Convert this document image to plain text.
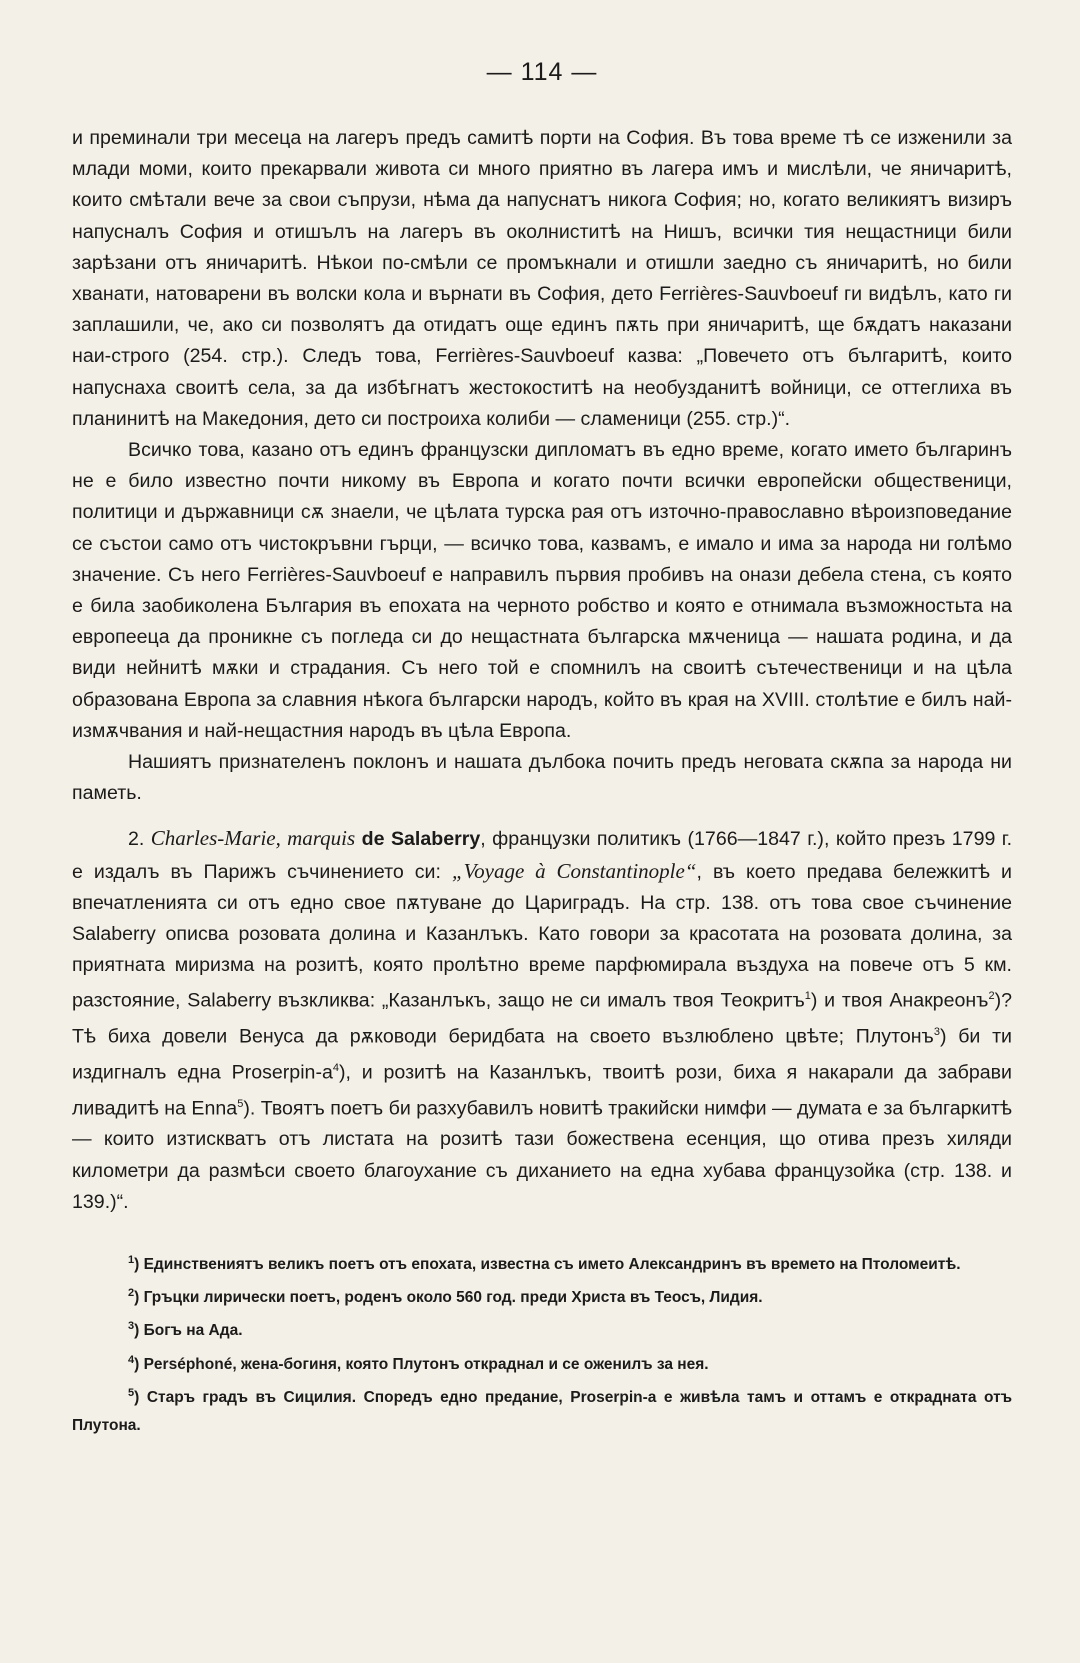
— 114 —

и преминали три месеца на лагеръ предъ самитѣ порти на София. Въ това време тѣ се изженили за млади моми, които прекарвали живота си много приятно въ лагера имъ и мислѣли, че яничаритѣ, които смѣтали вече за свои съпрузи, нѣма да напуснатъ никога София; но, когато великиятъ визиръ напусналъ София и отишълъ на лагеръ въ околниститѣ на Нишъ, всички тия нещастници били зарѣзани отъ яничаритѣ. Нѣкои по-смѣли се промъкнали и отишли заедно съ яничаритѣ, но били хванати, натоварени въ волски кола и върнати въ София, дето Ferrières-Sauvboeuf ги видѣлъ, като ги заплашили, че, ако си позволятъ да отидатъ още единъ пѫть при яничаритѣ, ще бѫдатъ наказани наи-строго (254. стр.). Следъ това, Ferrières-Sauvboeuf казва: „Повечето отъ българитѣ, които напуснаха своитѣ села, за да избѣгнатъ жестокоститѣ на необузданитѣ войници, се оттеглиха въ планинитѣ на Македония, дето си построиха колиби — сламеници (255. стр.)“.

Всичко това, казано отъ единъ французски дипломатъ въ едно време, когато името българинъ не е било известно почти никому въ Европа и когато почти всички европейски общественици, политици и държавници сѫ знаели, че цѣлата турска рая отъ източно-православно вѣроизповедание се състои само отъ чистокръвни гърци, — всичко това, казвамъ, е имало и има за народа ни голѣмо значение. Съ него Ferrières-Sauvboeuf е направилъ първия пробивъ на онази дебела стена, съ която е била заобиколена България въ епохата на черното робство и която е отнимала възможностьта на европееца да проникне съ погледа си до нещастната българска мѫченица — нашата родина, и да види нейнитѣ мѫки и страдания. Съ него той е спомнилъ на своитѣ сътечественици и на цѣла образована Европа за славния нѣкога български народъ, който въ края на XVIII. столѣтие е билъ най-измѫчвания и най-нещастния народъ въ цѣла Европа.

Нашиятъ признателенъ поклонъ и нашата дълбока почить предъ неговата скѫпа за народа ни паметь.

2. Charles-Marie, marquis de Salaberry, французки политикъ (1766—1847 г.), който презъ 1799 г. е издалъ въ Парижъ съчинението си: „Voyage à Constantinople“, въ което предава бележкитѣ и впечатленията си отъ едно свое пѫтуване до Цариградъ. На стр. 138. отъ това свое съчинение Salaberry описва розовата долина и Казанлъкъ. Като говори за красотата на розовата долина, за приятната миризма на розитѣ, която пролѣтно време парфюмирала въздуха на повече отъ 5 км. разстояние, Salaberry възкликва: „Казанлъкъ, защо не си ималъ твоя Теокритъ$^1$) и твоя Анакреонъ$^2$)? Тѣ биха довели Венуса да рѫководи беридбата на своето възлюблено цвѣте; Плутонъ$^3$) би ти издигналъ една Proserpin-$а^4$), и розитѣ на Казанлъкъ, твоитѣ рози, биха я накарали да забрави ливадитѣ на Enna$^5$). Твоятъ поетъ би разхубавилъ новитѣ тракийски нимфи — думата е за българкитѣ — които изтискватъ отъ листата на розитѣ тази божествена есенция, що отива презъ хиляди километри да размѣси своето благоухание съ диханието на една хубава французойка (стр. 138. и 139.)“.

$^1$) Единствениятъ великъ поетъ отъ епохата, известна съ името Александринъ въ времето на Птоломеитѣ.

$^2$) Гръцки лирически поетъ, роденъ около 560 год. преди Христа въ Теосъ, Лидия.

$^3$) Богъ на Ада.

$^4$) Perséphoné, жена-богиня, която Плутонъ откраднал и се оженилъ за нея.

$^5$) Старъ градъ въ Сицилия. Споредъ едно предание, Proserpin-а е живѣла тамъ и оттамъ е открадната отъ Плутона.
